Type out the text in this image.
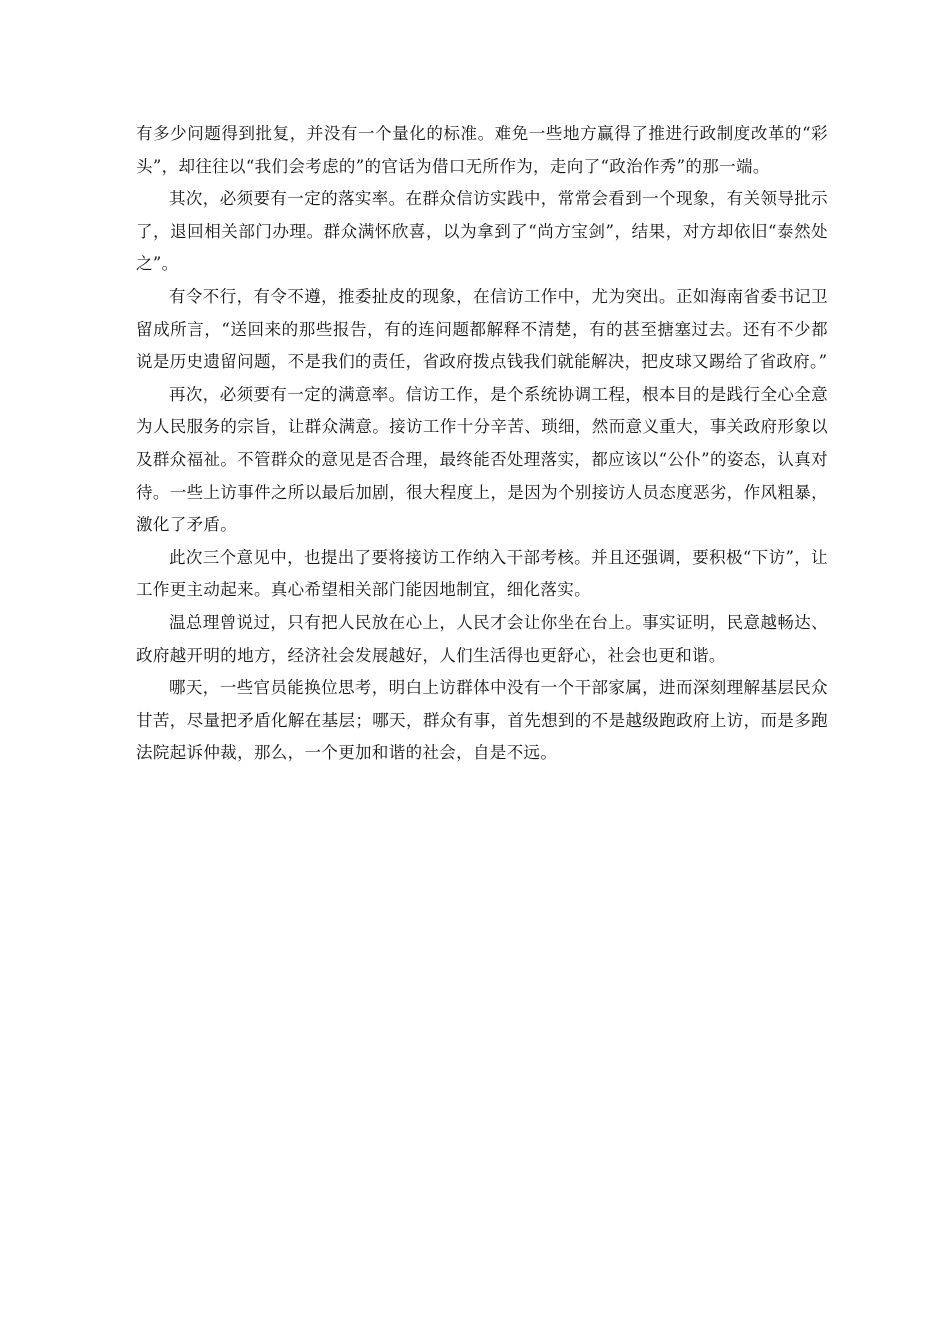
有多少问题得到批复，并没有一个量化的标准。难免一些地方赢得了推进行政制度改革的“彩头”，却往往以“我们会考虑的”的官话为借口无所作为，走向了“政治作秀”的那一端。

其次，必须要有一定的落实率。在群众信访实践中，常常会看到一个现象，有关领导批示了，退回相关部门办理。群众满怀欣喜，以为拿到了“尚方宝剑”，结果，对方却依旧“泰然处之”。

有令不行，有令不遵，推委扯皮的现象，在信访工作中，尤为突出。正如海南省委书记卫留成所言，“送回来的那些报告，有的连问题都解释不清楚，有的甚至搪塞过去。还有不少都说是历史遗留问题，不是我们的责任，省政府拨点钱我们就能解决，把皮球又踢给了省政府。”

再次，必须要有一定的满意率。信访工作，是个系统协调工程，根本目的是践行全心全意为人民服务的宗旨，让群众满意。接访工作十分辛苦、琐细，然而意义重大，事关政府形象以及群众福祉。不管群众的意见是否合理，最终能否处理落实，都应该以“公仆”的姿态，认真对待。一些上访事件之所以最后加剧，很大程度上，是因为个别接访人员态度恶劣，作风粗暴，激化了矛盾。

此次三个意见中，也提出了要将接访工作纳入干部考核。并且还强调，要积极“下访”，让工作更主动起来。真心希望相关部门能因地制宜，细化落实。

温总理曾说过，只有把人民放在心上，人民才会让你坐在台上。事实证明，民意越畅达、政府越开明的地方，经济社会发展越好，人们生活得也更舒心，社会也更和谐。

哪天，一些官员能换位思考，明白上访群体中没有一个干部家属，进而深刻理解基层民众甘苦，尽量把矛盾化解在基层；哪天，群众有事，首先想到的不是越级跑政府上访，而是多跑法院起诉仲裁，那么，一个更加和谐的社会，自是不远。
